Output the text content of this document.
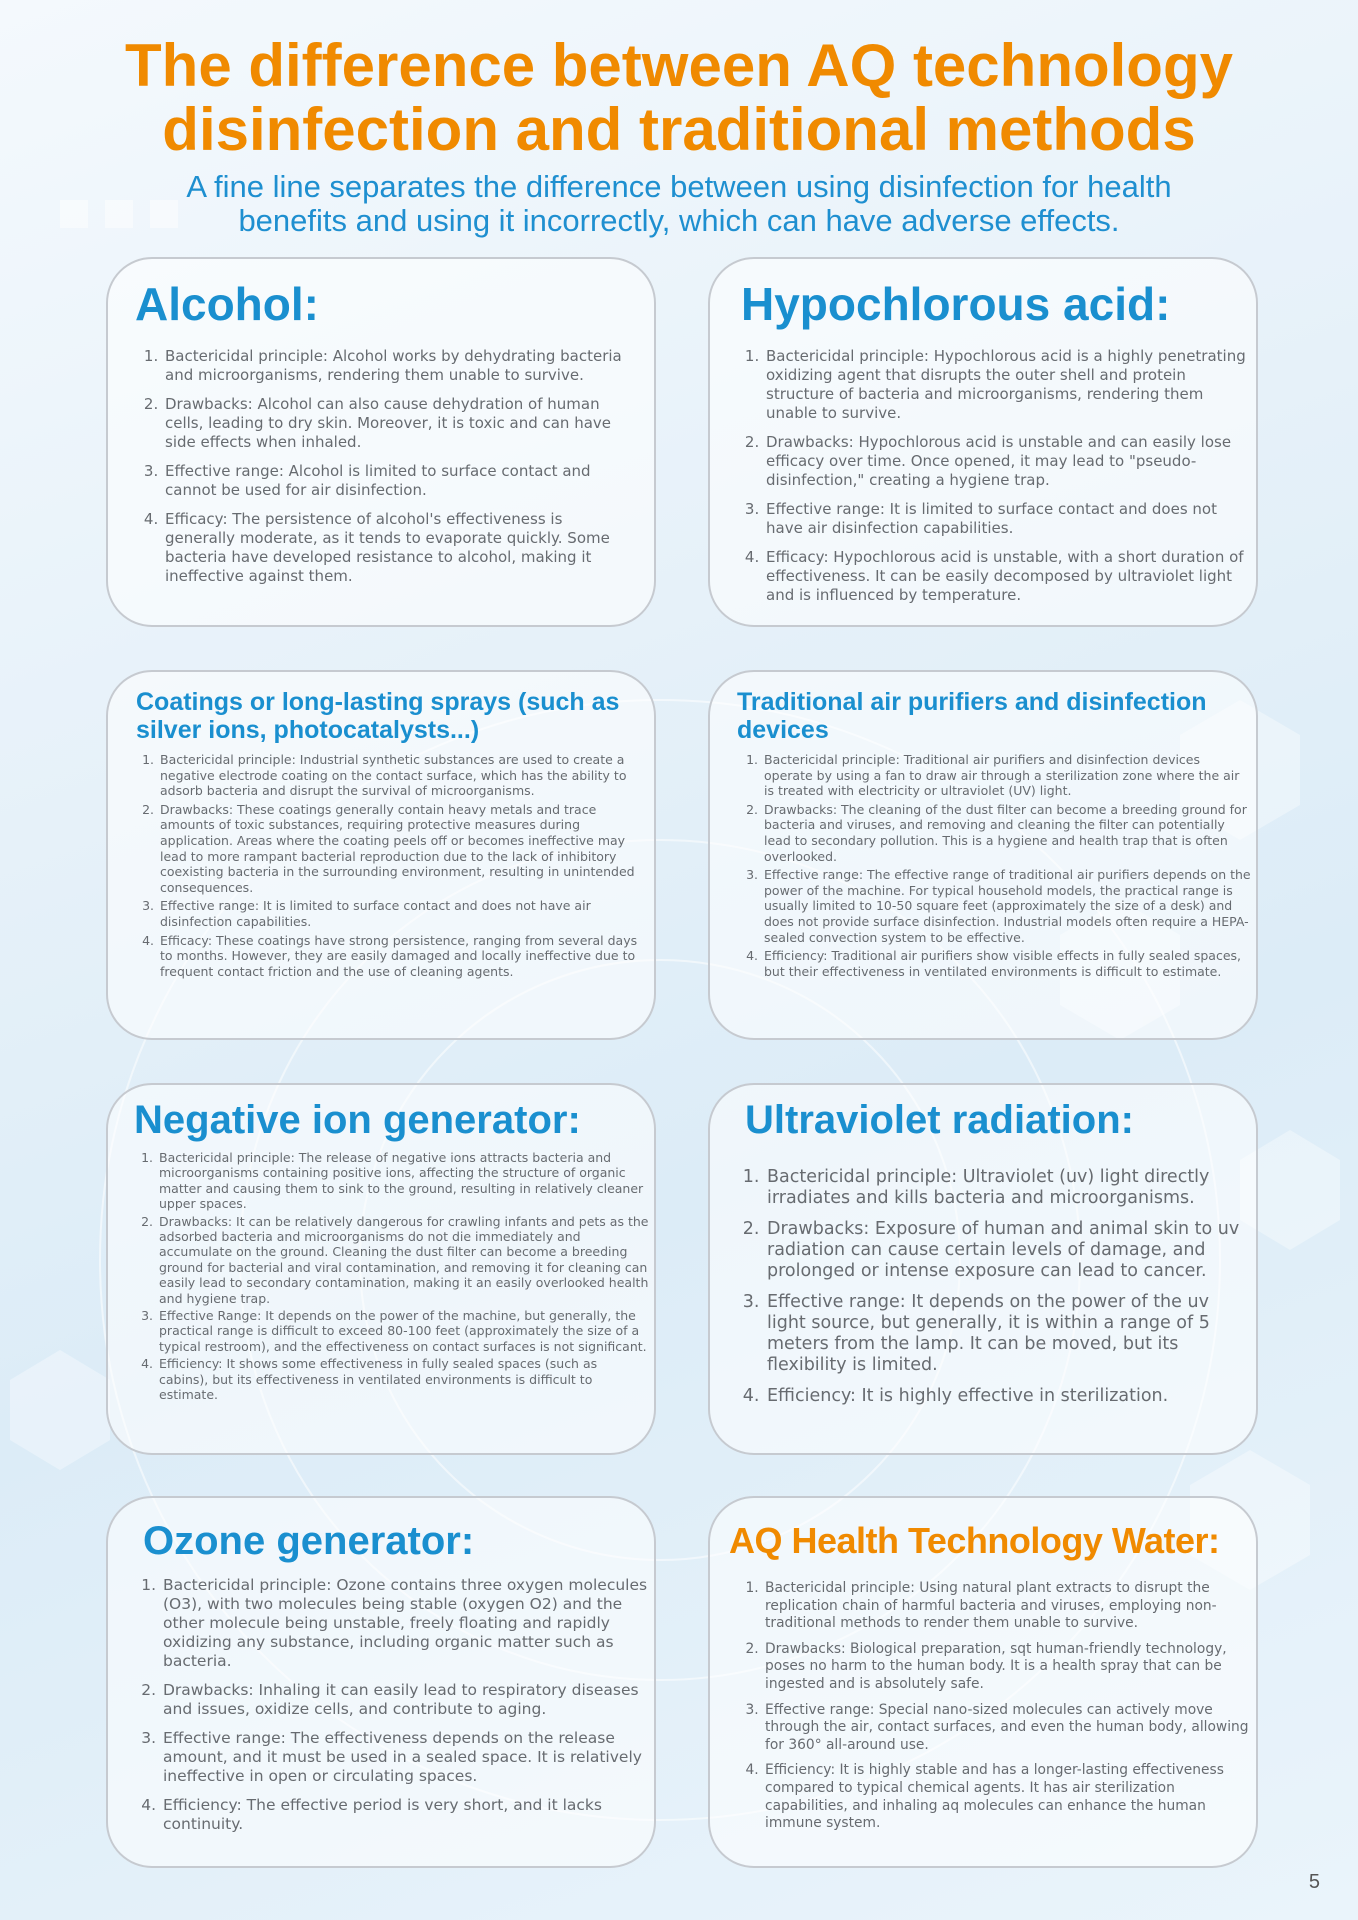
The difference between AQ technology
disinfection and traditional methods

A fine line separates the difference between using disinfection for health
benefits and using it incorrectly, which can have adverse effects.

Alcohol:
1. Bactericidal principle: Alcohol works by dehydrating bacteria and microorganisms, rendering them unable to survive.
2. Drawbacks: Alcohol can also cause dehydration of human cells, leading to dry skin. Moreover, it is toxic and can have side effects when inhaled.
3. Effective range: Alcohol is limited to surface contact and cannot be used for air disinfection.
4. Efficacy: The persistence of alcohol's effectiveness is generally moderate, as it tends to evaporate quickly. Some bacteria have developed resistance to alcohol, making it ineffective against them.
Hypochlorous acid:
1. Bactericidal principle: Hypochlorous acid is a highly penetrating oxidizing agent that disrupts the outer shell and protein structure of bacteria and microorganisms, rendering them unable to survive.
2. Drawbacks: Hypochlorous acid is unstable and can easily lose efficacy over time. Once opened, it may lead to "pseudo-disinfection," creating a hygiene trap.
3. Effective range: It is limited to surface contact and does not have air disinfection capabilities.
4. Efficacy: Hypochlorous acid is unstable, with a short duration of effectiveness. It can be easily decomposed by ultraviolet light and is influenced by temperature.
Coatings or long-lasting sprays (such as silver ions, photocatalysts...)
1. Bactericidal principle: Industrial synthetic substances are used to create a negative electrode coating on the contact surface, which has the ability to adsorb bacteria and disrupt the survival of microorganisms.
2. Drawbacks: These coatings generally contain heavy metals and trace amounts of toxic substances, requiring protective measures during application. Areas where the coating peels off or becomes ineffective may lead to more rampant bacterial reproduction due to the lack of inhibitory coexisting bacteria in the surrounding environment, resulting in unintended consequences.
3. Effective range: It is limited to surface contact and does not have air disinfection capabilities.
4. Efficacy: These coatings have strong persistence, ranging from several days to months. However, they are easily damaged and locally ineffective due to frequent contact friction and the use of cleaning agents.
Traditional air purifiers and disinfection devices
1. Bactericidal principle: Traditional air purifiers and disinfection devices operate by using a fan to draw air through a sterilization zone where the air is treated with electricity or ultraviolet (UV) light.
2. Drawbacks: The cleaning of the dust filter can become a breeding ground for bacteria and viruses, and removing and cleaning the filter can potentially lead to secondary pollution. This is a hygiene and health trap that is often overlooked.
3. Effective range: The effective range of traditional air purifiers depends on the power of the machine. For typical household models, the practical range is usually limited to 10-50 square feet (approximately the size of a desk) and does not provide surface disinfection. Industrial models often require a HEPA-sealed convection system to be effective.
4. Efficiency: Traditional air purifiers show visible effects in fully sealed spaces, but their effectiveness in ventilated environments is difficult to estimate.
Negative ion generator:
1. Bactericidal principle: The release of negative ions attracts bacteria and microorganisms containing positive ions, affecting the structure of organic matter and causing them to sink to the ground, resulting in relatively cleaner upper spaces.
2. Drawbacks: It can be relatively dangerous for crawling infants and pets as the adsorbed bacteria and microorganisms do not die immediately and accumulate on the ground. Cleaning the dust filter can become a breeding ground for bacterial and viral contamination, and removing it for cleaning can easily lead to secondary contamination, making it an easily overlooked health and hygiene trap.
3. Effective Range: It depends on the power of the machine, but generally, the practical range is difficult to exceed 80-100 feet (approximately the size of a typical restroom), and the effectiveness on contact surfaces is not significant.
4. Efficiency: It shows some effectiveness in fully sealed spaces (such as cabins), but its effectiveness in ventilated environments is difficult to estimate.
Ultraviolet radiation:
1. Bactericidal principle: Ultraviolet (uv) light directly irradiates and kills bacteria and microorganisms.
2. Drawbacks: Exposure of human and animal skin to uv radiation can cause certain levels of damage, and prolonged or intense exposure can lead to cancer.
3. Effective range: It depends on the power of the uv light source, but generally, it is within a range of 5 meters from the lamp. It can be moved, but its flexibility is limited.
4. Efficiency: It is highly effective in sterilization.
Ozone generator:
1. Bactericidal principle: Ozone contains three oxygen molecules (O3), with two molecules being stable (oxygen O2) and the other molecule being unstable, freely floating and rapidly oxidizing any substance, including organic matter such as bacteria.
2. Drawbacks: Inhaling it can easily lead to respiratory diseases and issues, oxidize cells, and contribute to aging.
3. Effective range: The effectiveness depends on the release amount, and it must be used in a sealed space. It is relatively ineffective in open or circulating spaces.
4. Efficiency: The effective period is very short, and it lacks continuity.
AQ Health Technology Water:
1. Bactericidal principle: Using natural plant extracts to disrupt the replication chain of harmful bacteria and viruses, employing non-traditional methods to render them unable to survive.
2. Drawbacks: Biological preparation, sqt human-friendly technology, poses no harm to the human body. It is a health spray that can be ingested and is absolutely safe.
3. Effective range: Special nano-sized molecules can actively move through the air, contact surfaces, and even the human body, allowing for 360° all-around use.
4. Efficiency: It is highly stable and has a longer-lasting effectiveness compared to typical chemical agents. It has air sterilization capabilities, and inhaling aq molecules can enhance the human immune system.
5
